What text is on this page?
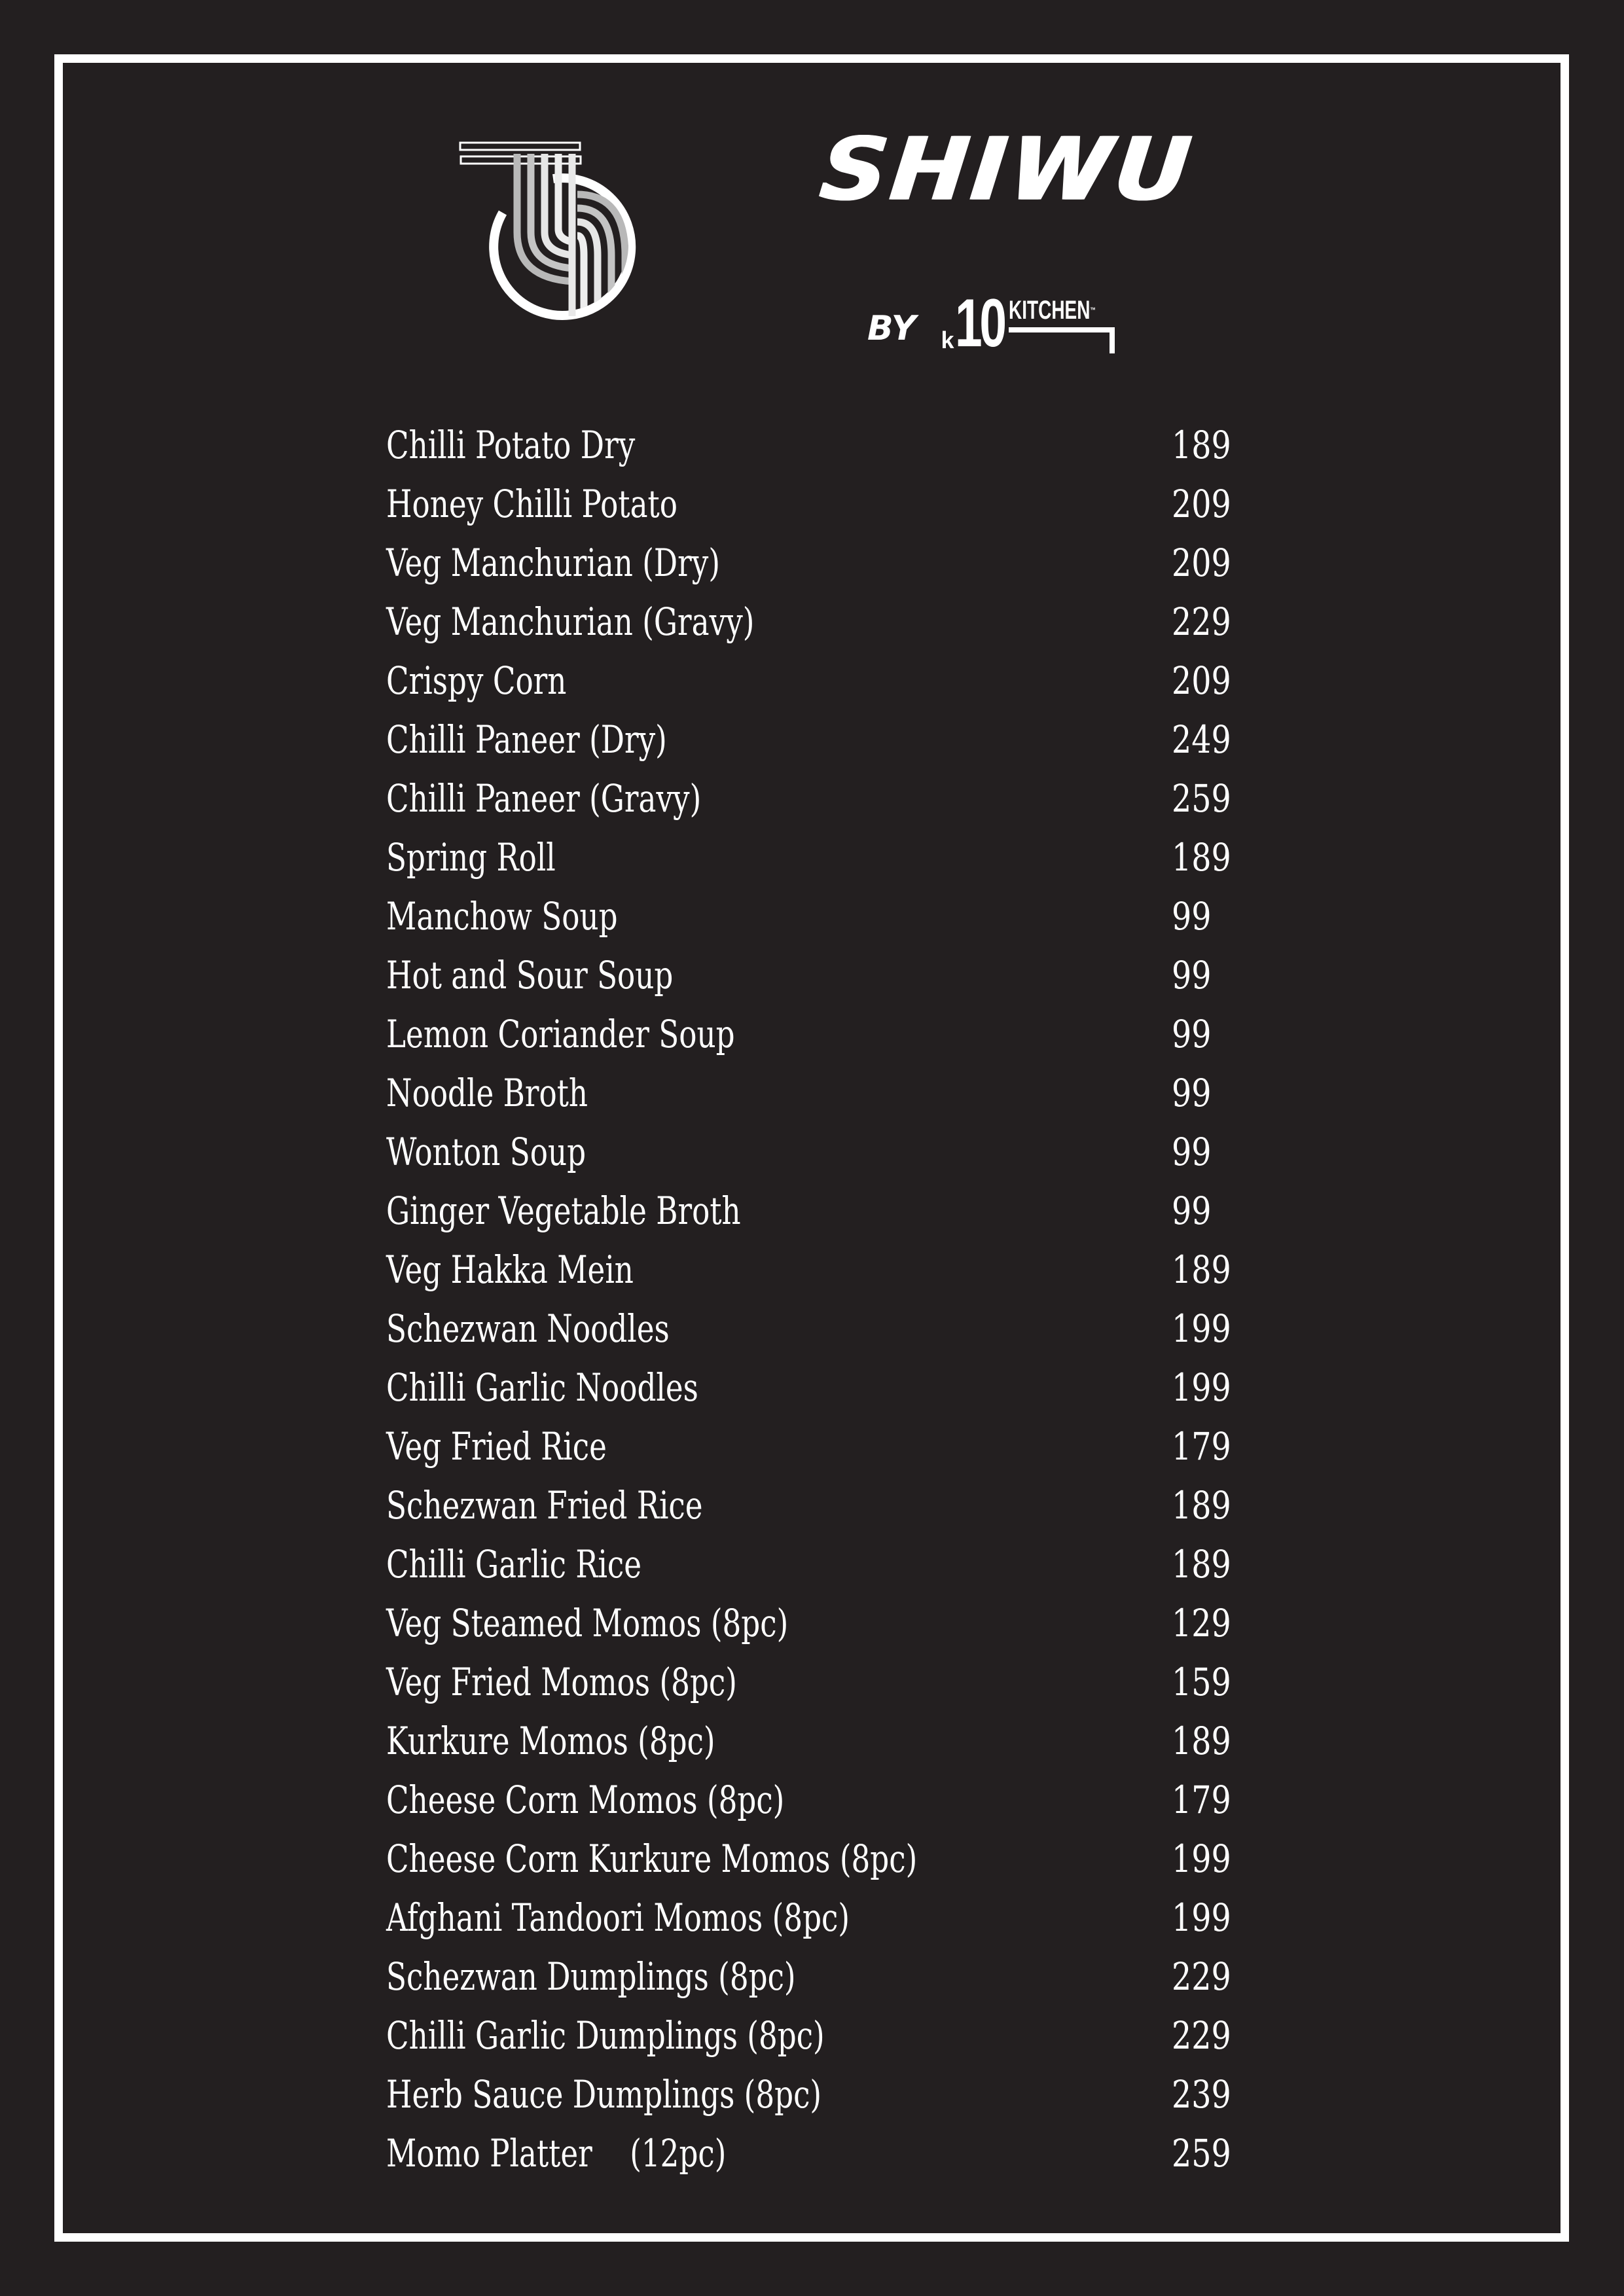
SHIWU
BY k 10 KITCHEN™
Chilli Potato Dry	189
Honey Chilli Potato	209
Veg Manchurian (Dry)	209
Veg Manchurian (Gravy)	229
Crispy Corn	209
Chilli Paneer (Dry)	249
Chilli Paneer (Gravy)	259
Spring Roll	189
Manchow Soup	99
Hot and Sour Soup	99
Lemon Coriander Soup	99
Noodle Broth	99
Wonton Soup	99
Ginger Vegetable Broth	99
Veg Hakka Mein	189
Schezwan Noodles	199
Chilli Garlic Noodles	199
Veg Fried Rice	179
Schezwan Fried Rice	189
Chilli Garlic Rice	189
Veg Steamed Momos (8pc)	129
Veg Fried Momos (8pc)	159
Kurkure Momos (8pc)	189
Cheese Corn Momos (8pc)	179
Cheese Corn Kurkure Momos (8pc)	199
Afghani Tandoori Momos (8pc)	199
Schezwan Dumplings (8pc)	229
Chilli Garlic Dumplings (8pc)	229
Herb Sauce Dumplings (8pc)	239
Momo Platter    (12pc)	259
